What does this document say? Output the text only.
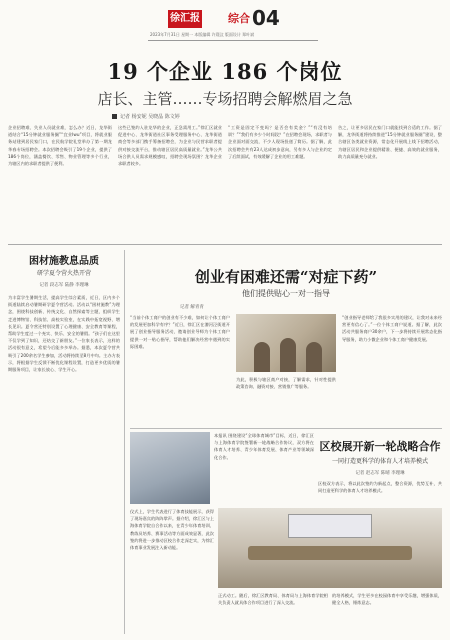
徐汇报	综合 04
2023年7月31日 星期一 本版编辑 许璟汶 版面设计 郑叶斌
19 个企业 186 个岗位
店长、主管……专场招聘会解燃眉之急
记者 杨安妮 吴晓晶 陈文婷
企业招聘难、失业人员就业难，怎么办？近日，龙华街道结合“15分钟就业服务圈”“宜业Iwu”项目，将就业服务站建到居民家门口，在民航学院礼堂举办了第一期龙华春专场招聘会。本次招聘会吸引了19个企业，提供了186个岗位，涵盖餐饮、零售、物业管理等多个行业，为辖区内的求职者提供了便利。
这些已签约入驻龙华的企业，正急需用工。”徐汇区就业促进中心、龙华街道社区事务受理服务中心、龙华街道商会等多部门携手筹备招聘会，为企业与民营求职者提供对接交流平台，推动辖区居民高质量就业。”龙华公共场合供人员需求规模感叹，招聘会现场氛围？龙华企业求职者较多。
“工资是固定不变吗？是否会有奖金？”“有没有培训？”“我们有多少个时间段？”在招聘会现场，求职者与企业面对面交流，不少人现场投递了简历。据了解，此次招聘会共有23人达成初步意向，另有多人与企业约定了后续面试，有效缓解了企业的用工难题。
告之，让更多居民在家门口就能找到合适的工作。据了解，龙华街道将持续推进“15分钟就业服务圈”建设，整合辖区各类就业资源，常态化开展线上线下招聘活动，为辖区居民和企业提供精准、便捷、高效的就业服务，助力高质量充分就业。
困材施教息品质
研学夏令营火热开营
记者 段志军 陆静 李理琳
为丰富学生暑期生活，提高学生综合素质，近日，区内多个街道陆续启动暑期研学夏令营活动。活动以“困材施教”为理念，围绕科技创新、传统文化、自然探索等主题，组织学生走进博物馆、科技馆、高校实验室，在实践中拓宽视野、增长见识。夏令营还特别设置了心理健康、安全教育等课程，帮助学生度过一个充实、快乐、安全的暑假。“孩子们在这里不仅学到了知识，还结交了新朋友。”一位家长表示，这样的活动很有意义，希望今后能多多举办。据悉，本次夏令营共吸引了200余名学生参加，活动将持续至8月中旬。主办方表示，将根据学生反馈不断优化课程设置，打造更多优质的暑期服务项目，让家长放心、学生开心。
创业有困难还需“对症下药”
他们提供贴心一对一指导
记者 解青青
“当前个体工商户的创业有不少难，如何让个体工商户的发展更加科学有序？”近日，徐汇区在漕河泾街道开展了创业指导服务活动，邀请创业导师为个体工商户提供一对一贴心指导，帮助他们解决经营中遇到的实际困难。
为此，积极与辖区商户对接，了解需求，针对性提供政策咨询、融资对接、营销推广等服务。
“创业指导老师给了我很多实用的建议，让我对未来经营更有信心了。”一位个体工商户说道。据了解，此次活动共服务商户30余户，下一步将持续开展常态化指导服务，助力小微企业和个体工商户健康发展。
本报讯 围绕建设“全球体育城市”目标，近日，徐汇区与上海体育学院签署新一轮战略合作协议，双方将在体育人才培养、青少年体育发展、体育产业等领域深化合作。
区校展开新一轮战略合作
一同打造更科学的体育人才培养模式
记者 赵志军 陈晴 李理琳
区校双方表示，将以此次签约为新起点，整合资源，优势互补，共同打造更科学的体育人才培养模式。
仪式上，学生代表进行了体育技能展示，获得了现场嘉宾的阵阵掌声。据介绍，徐汇区与上海体育学院自合作以来，在青少年体育培训、教练员培养、赛事活动等方面成效显著，此次签约将进一步推动区校合作走深走实，为徐汇体育事业发展注入新动能。
正式动工。随后，徐汇区教育局、体育局与上海体育学院相关负责人就具体合作项目进行了深入交流。
的培养模式，学生更多在校园体育中享受乐趣，增强体质，健全人格，锤炼意志。
